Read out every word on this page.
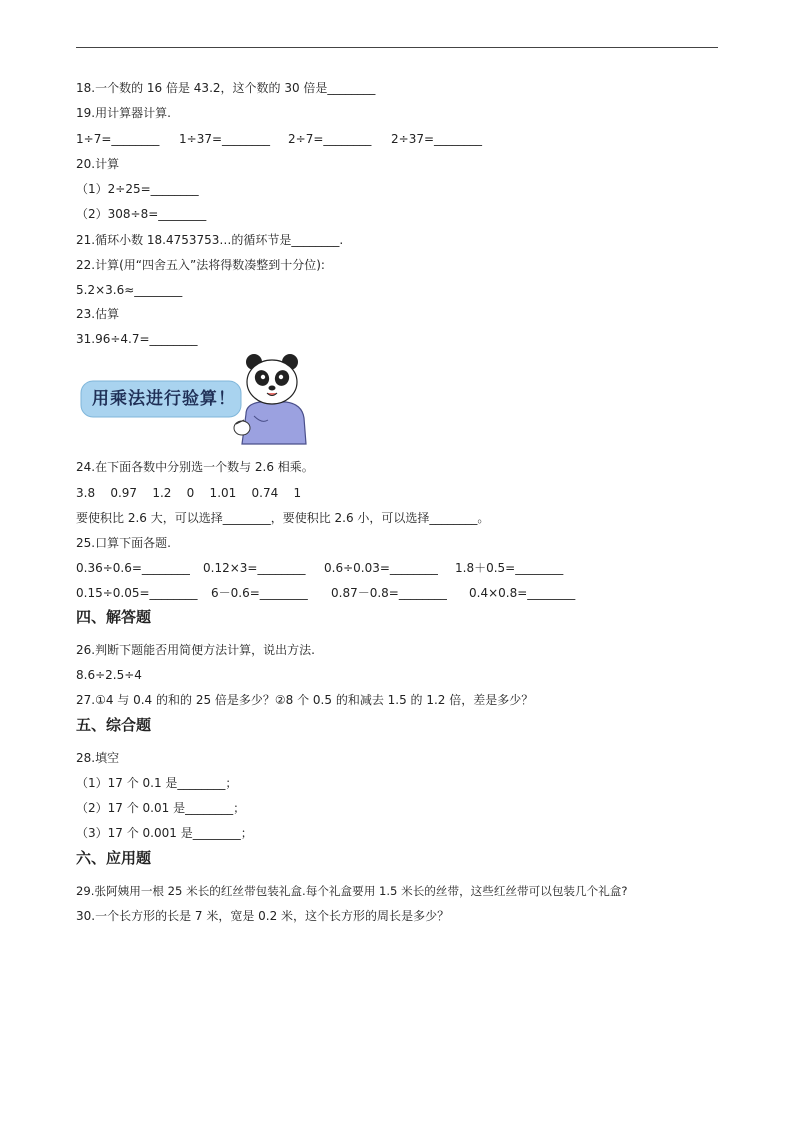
18.一个数的 16 倍是 43.2，这个数的 30 倍是________
19.用计算器计算.

1÷7=________

1÷37=________

2÷7=________

2÷37=________

20.计算
（1）2÷25=________
（2）308÷8=________
21.循环小数 18.4753753…的循环节是________.
22.计算(用“四舍五入”法将得数凑整到十分位):
5.2×3.6≈________
23.估算
31.96÷4.7=________
用乘法进行验算！
24.在下面各数中分别选一个数与 2.6 相乘。
3.8    0.97    1.2    0    1.01    0.74    1
要使积比 2.6 大，可以选择________，要使积比 2.6 小，可以选择________。
25.口算下面各题.

0.36÷0.6=________

0.12×3=________

0.6÷0.03=________

1.8＋0.5=________

0.15÷0.05=________

6－0.6=________

0.87－0.8=________

0.4×0.8=________

四、解答题
26.判断下题能否用简便方法计算，说出方法.
8.6÷2.5÷4
27.①4 与 0.4 的和的 25 倍是多少？②8 个 0.5 的和减去 1.5 的 1.2 倍，差是多少？
五、综合题
28.填空
（1）17 个 0.1 是________；
（2）17 个 0.01 是________；
（3）17 个 0.001 是________；
六、应用题
29.张阿姨用一根 25 米长的红丝带包装礼盒.每个礼盒要用 1.5 米长的丝带，这些红丝带可以包装几个礼盒?
30.一个长方形的长是 7 米，宽是 0.2 米，这个长方形的周长是多少？
